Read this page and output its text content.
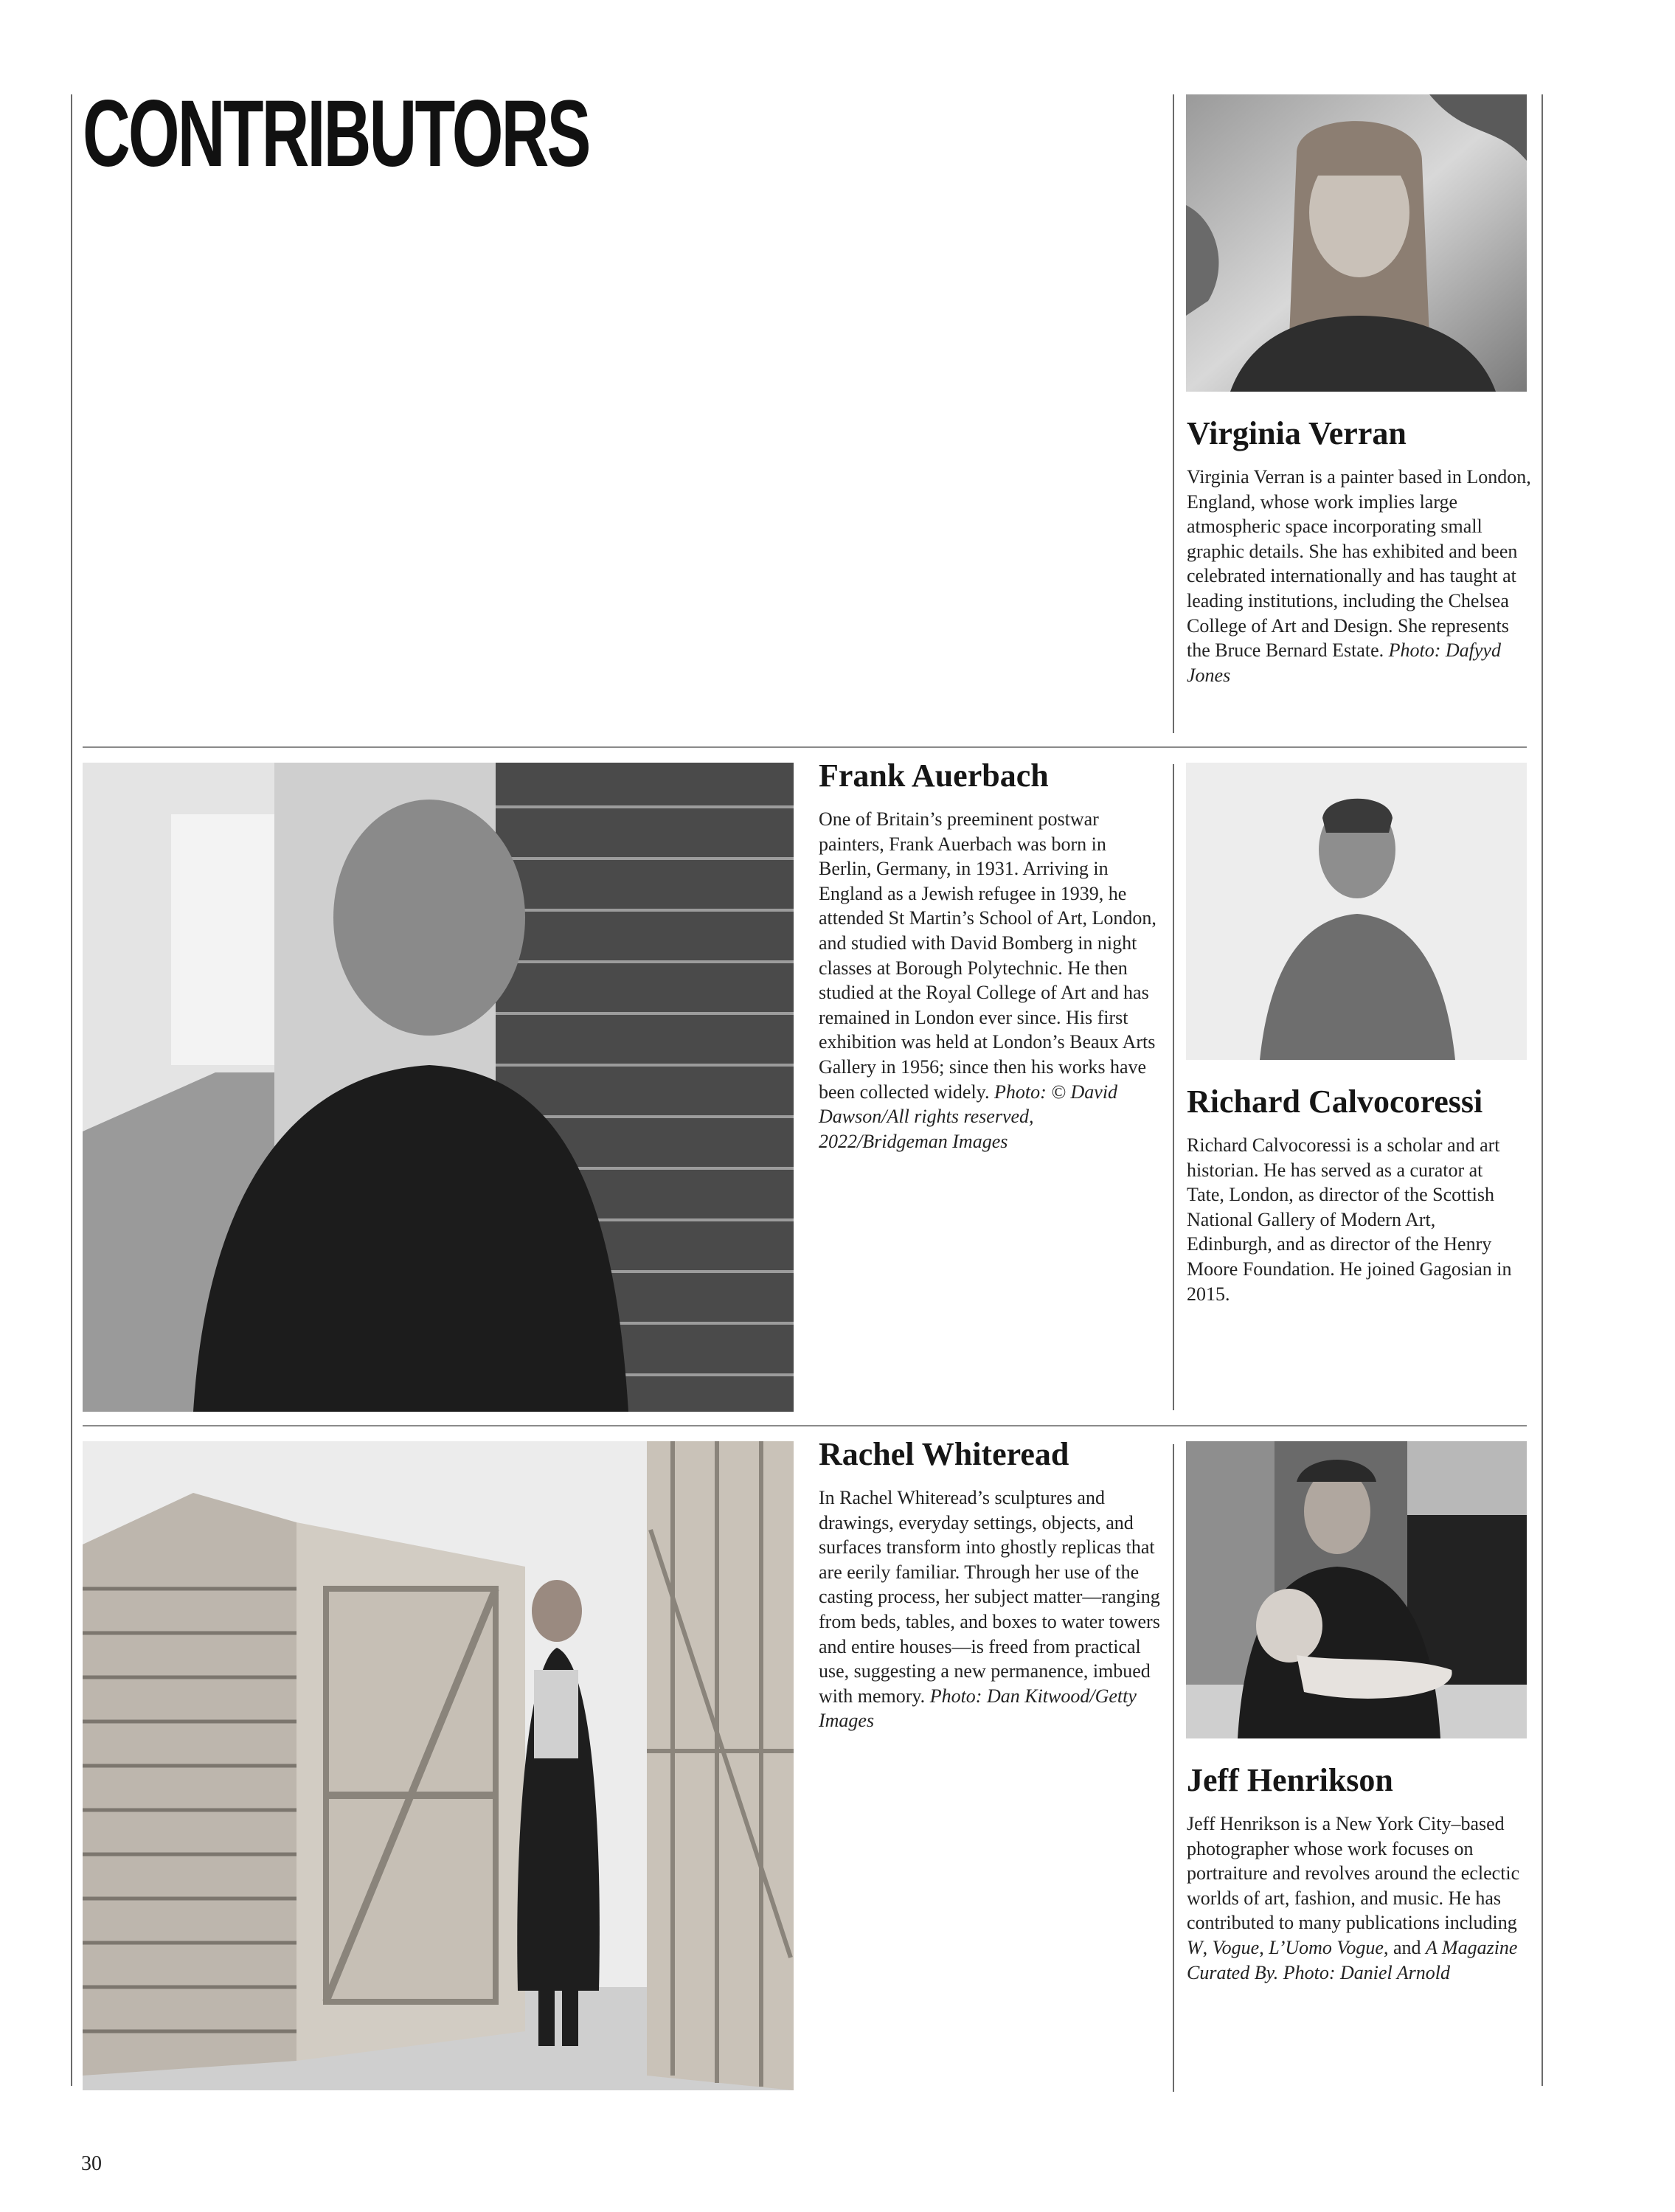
CONTRIBUTORS
Virginia Verran

Virginia Verran is a painter based in London, England, whose work implies large atmospheric space incorporating small graphic details. She has exhibited and been celebrated internationally and has taught at leading institutions, including the Chelsea College of Art and Design. She represents the Bruce Bernard Estate. Photo: Dafyyd Jones

Frank Auerbach

One of Britain’s preeminent postwar painters, Frank Auerbach was born in Berlin, Germany, in 1931. Arriving in England as a Jewish refugee in 1939, he attended St Martin’s School of Art, London, and studied with David Bomberg in night classes at Borough Polytechnic. He then studied at the Royal College of Art and has remained in London ever since. His first exhibition was held at London’s Beaux Arts Gallery in 1956; since then his works have been collected widely. Photo: © David Dawson/All rights reserved, 2022/Bridgeman Images

Richard Calvocoressi

Richard Calvocoressi is a scholar and art historian. He has served as a curator at Tate, London, as director of the Scottish National Gallery of Modern Art, Edinburgh, and as director of the Henry Moore Foundation. He joined Gagosian in 2015.

Rachel Whiteread

In Rachel Whiteread’s sculptures and drawings, everyday settings, objects, and surfaces transform into ghostly replicas that are eerily familiar. Through her use of the casting process, her subject matter—ranging from beds, tables, and boxes to water towers and entire houses—is freed from practical use, suggesting a new permanence, imbued with memory. Photo: Dan Kitwood/Getty Images

Jeff Henrikson

Jeff Henrikson is a New York City–based photographer whose work focuses on portraiture and revolves around the eclectic worlds of art, fashion, and music. He has contributed to many publications including W, Vogue, L’Uomo Vogue, and A Magazine Curated By. Photo: Daniel Arnold

30
